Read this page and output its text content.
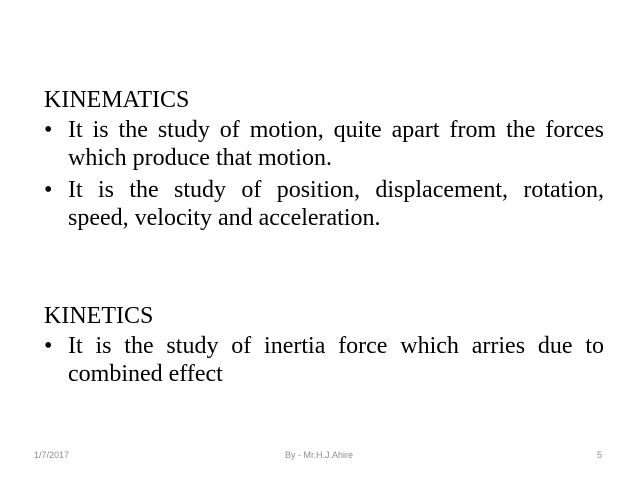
KINEMATICS
• It is the study of motion, quite apart from the forces which produce that motion.
• It is the study of position, displacement, rotation, speed, velocity and acceleration.
KINETICS
• It is the study of inertia force which arries due to combined effect
1/7/2017	By - Mr.H.J.Ahire	5
